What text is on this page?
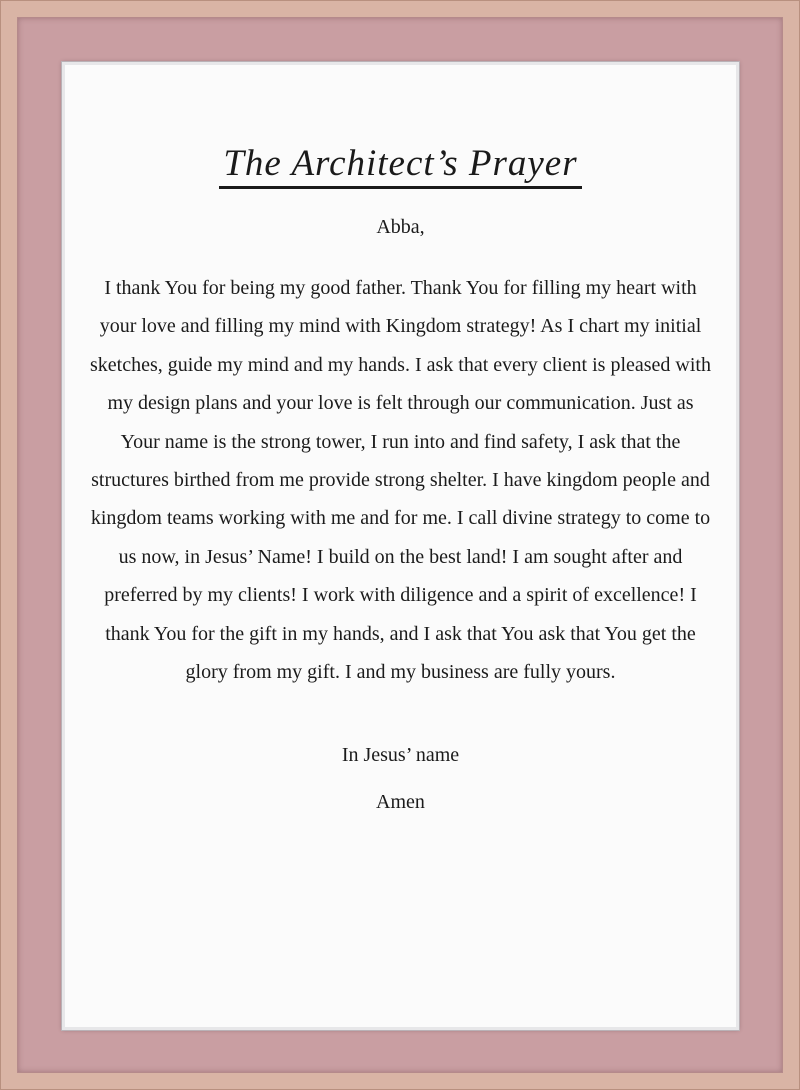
The Architect’s Prayer
Abba,

I thank You for being my good father. Thank You for filling my heart with your love and filling my mind with Kingdom strategy! As I chart my initial sketches, guide my mind and my hands. I ask that every client is pleased with my design plans and your love is felt through our communication. Just as Your name is the strong tower, I run into and find safety, I ask that the structures birthed from me provide strong shelter. I have kingdom people and kingdom teams working with me and for me. I call divine strategy to come to us now, in Jesus’ Name! I build on the best land! I am sought after and preferred by my clients! I work with diligence and a spirit of excellence! I thank You for the gift in my hands, and I ask that You ask that You get the glory from my gift. I and my business are fully yours.

In Jesus’ name
Amen
